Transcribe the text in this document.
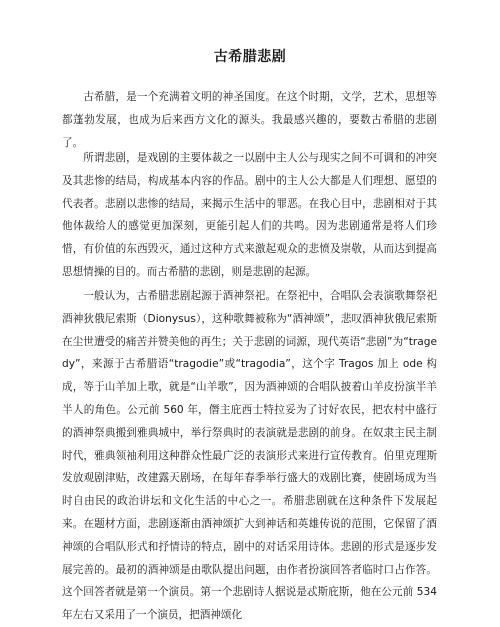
古希腊悲剧

古希腊，是一个充满着文明的神圣国度。在这个时期，文学，艺术，思想等都蓬勃发展，也成为后来西方文化的源头。我最感兴趣的，要数古希腊的悲剧了。

所谓悲剧，是戏剧的主要体裁之一以剧中主人公与现实之间不可调和的冲突及其悲惨的结局，构成基本内容的作品。剧中的主人公大都是人们理想、愿望的代表者。悲剧以悲惨的结局，来揭示生活中的罪恶。在我心目中，悲剧相对于其他体裁给人的感觉更加深刻，更能引起人们的共鸣。因为悲剧通常是将人们珍惜，有价值的东西毁灭，通过这种方式来激起观众的悲愤及崇敬，从而达到提高思想情操的目的。而古希腊的悲剧，则是悲剧的起源。

一般认为，古希腊悲剧起源于酒神祭祀。在祭祀中，合唱队会表演歌舞祭祀酒神狄俄尼索斯（Dionysus），这种歌舞被称为“酒神颂”，悲叹酒神狄俄尼索斯在尘世遭受的痛苦并赞美他的再生；关于悲剧的词源，现代英语“悲剧”为“tragedy”，来源于古希腊语“tragodie”或“tragodia”，这个字 Tragos 加上 ode 构成，等于山羊加上歌，就是“山羊歌”，因为酒神颂的合唱队披着山羊皮扮演半羊半人的角色。公元前 560 年，僭主庇西士特拉妥为了讨好农民，把农村中盛行的酒神祭典搬到雅典城中，举行祭典时的表演就是悲剧的前身。在奴隶主民主制时代，雅典领袖利用这种群众性最广泛的表演形式来进行宣传教育。伯里克理斯发放观剧津贴，改建露天剧场，在每年春季举行盛大的戏剧比赛，使剧场成为当时自由民的政治讲坛和文化生活的中心之一。希腊悲剧就在这种条件下发展起来。在题材方面，悲剧逐渐由酒神颂扩大到神话和英雄传说的范围，它保留了酒神颂的合唱队形式和抒情诗的特点，剧中的对话采用诗体。悲剧的形式是逐步发展完善的。最初的酒神颂是由歌队提出问题，由作者扮演回答者临时口占作答。这个回答者就是第一个演员。第一个悲剧诗人据说是忒斯庇斯，他在公元前 534 年左右又采用了一个演员，把酒神颂化
